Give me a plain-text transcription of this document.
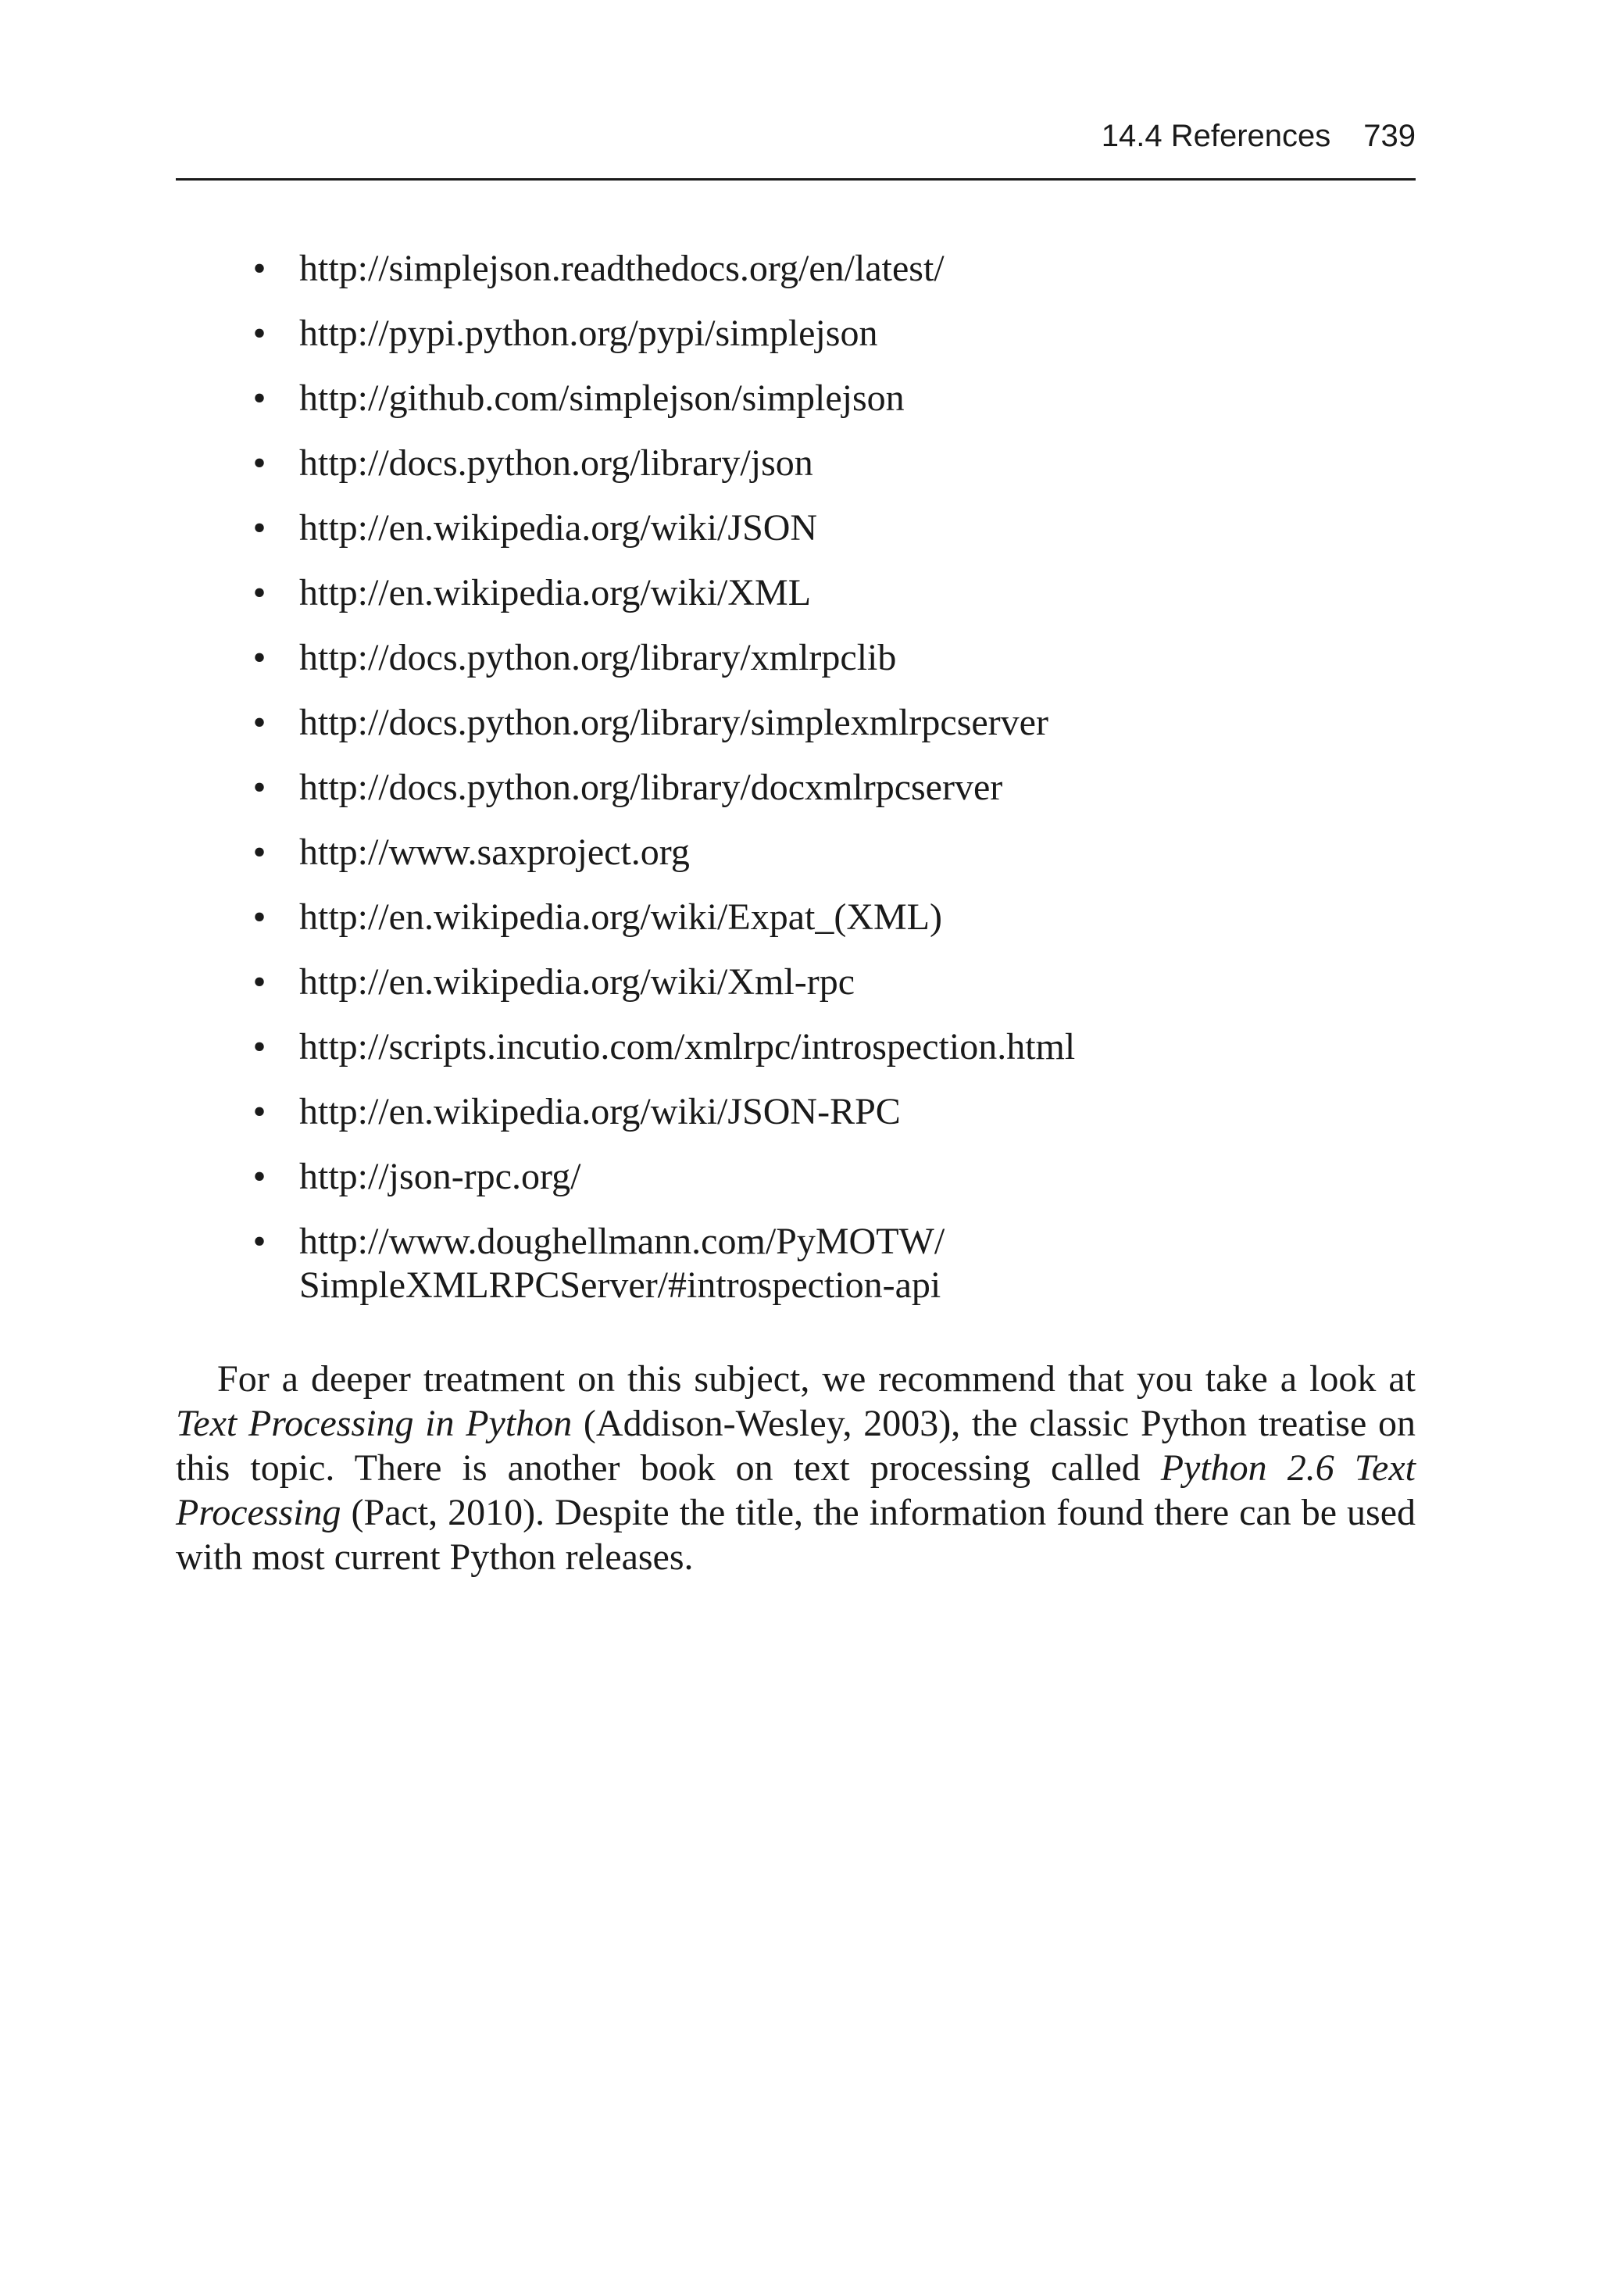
14.4 References 739
• http://simplejson.readthedocs.org/en/latest/
• http://pypi.python.org/pypi/simplejson
• http://github.com/simplejson/simplejson
• http://docs.python.org/library/json
• http://en.wikipedia.org/wiki/JSON
• http://en.wikipedia.org/wiki/XML
• http://docs.python.org/library/xmlrpclib
• http://docs.python.org/library/simplexmlrpcserver
• http://docs.python.org/library/docxmlrpcserver
• http://www.saxproject.org
• http://en.wikipedia.org/wiki/Expat_(XML)
• http://en.wikipedia.org/wiki/Xml-rpc
• http://scripts.incutio.com/xmlrpc/introspection.html
• http://en.wikipedia.org/wiki/JSON-RPC
• http://json-rpc.org/
• http://www.doughellmann.com/PyMOTW/ SimpleXMLRPCServer/#introspection-api

For a deeper treatment on this subject, we recommend that you take a look at Text Processing in Python (Addison-Wesley, 2003), the classic Python treatise on this topic. There is another book on text processing called Python 2.6 Text Processing (Pact, 2010). Despite the title, the information found there can be used with most current Python releases.
